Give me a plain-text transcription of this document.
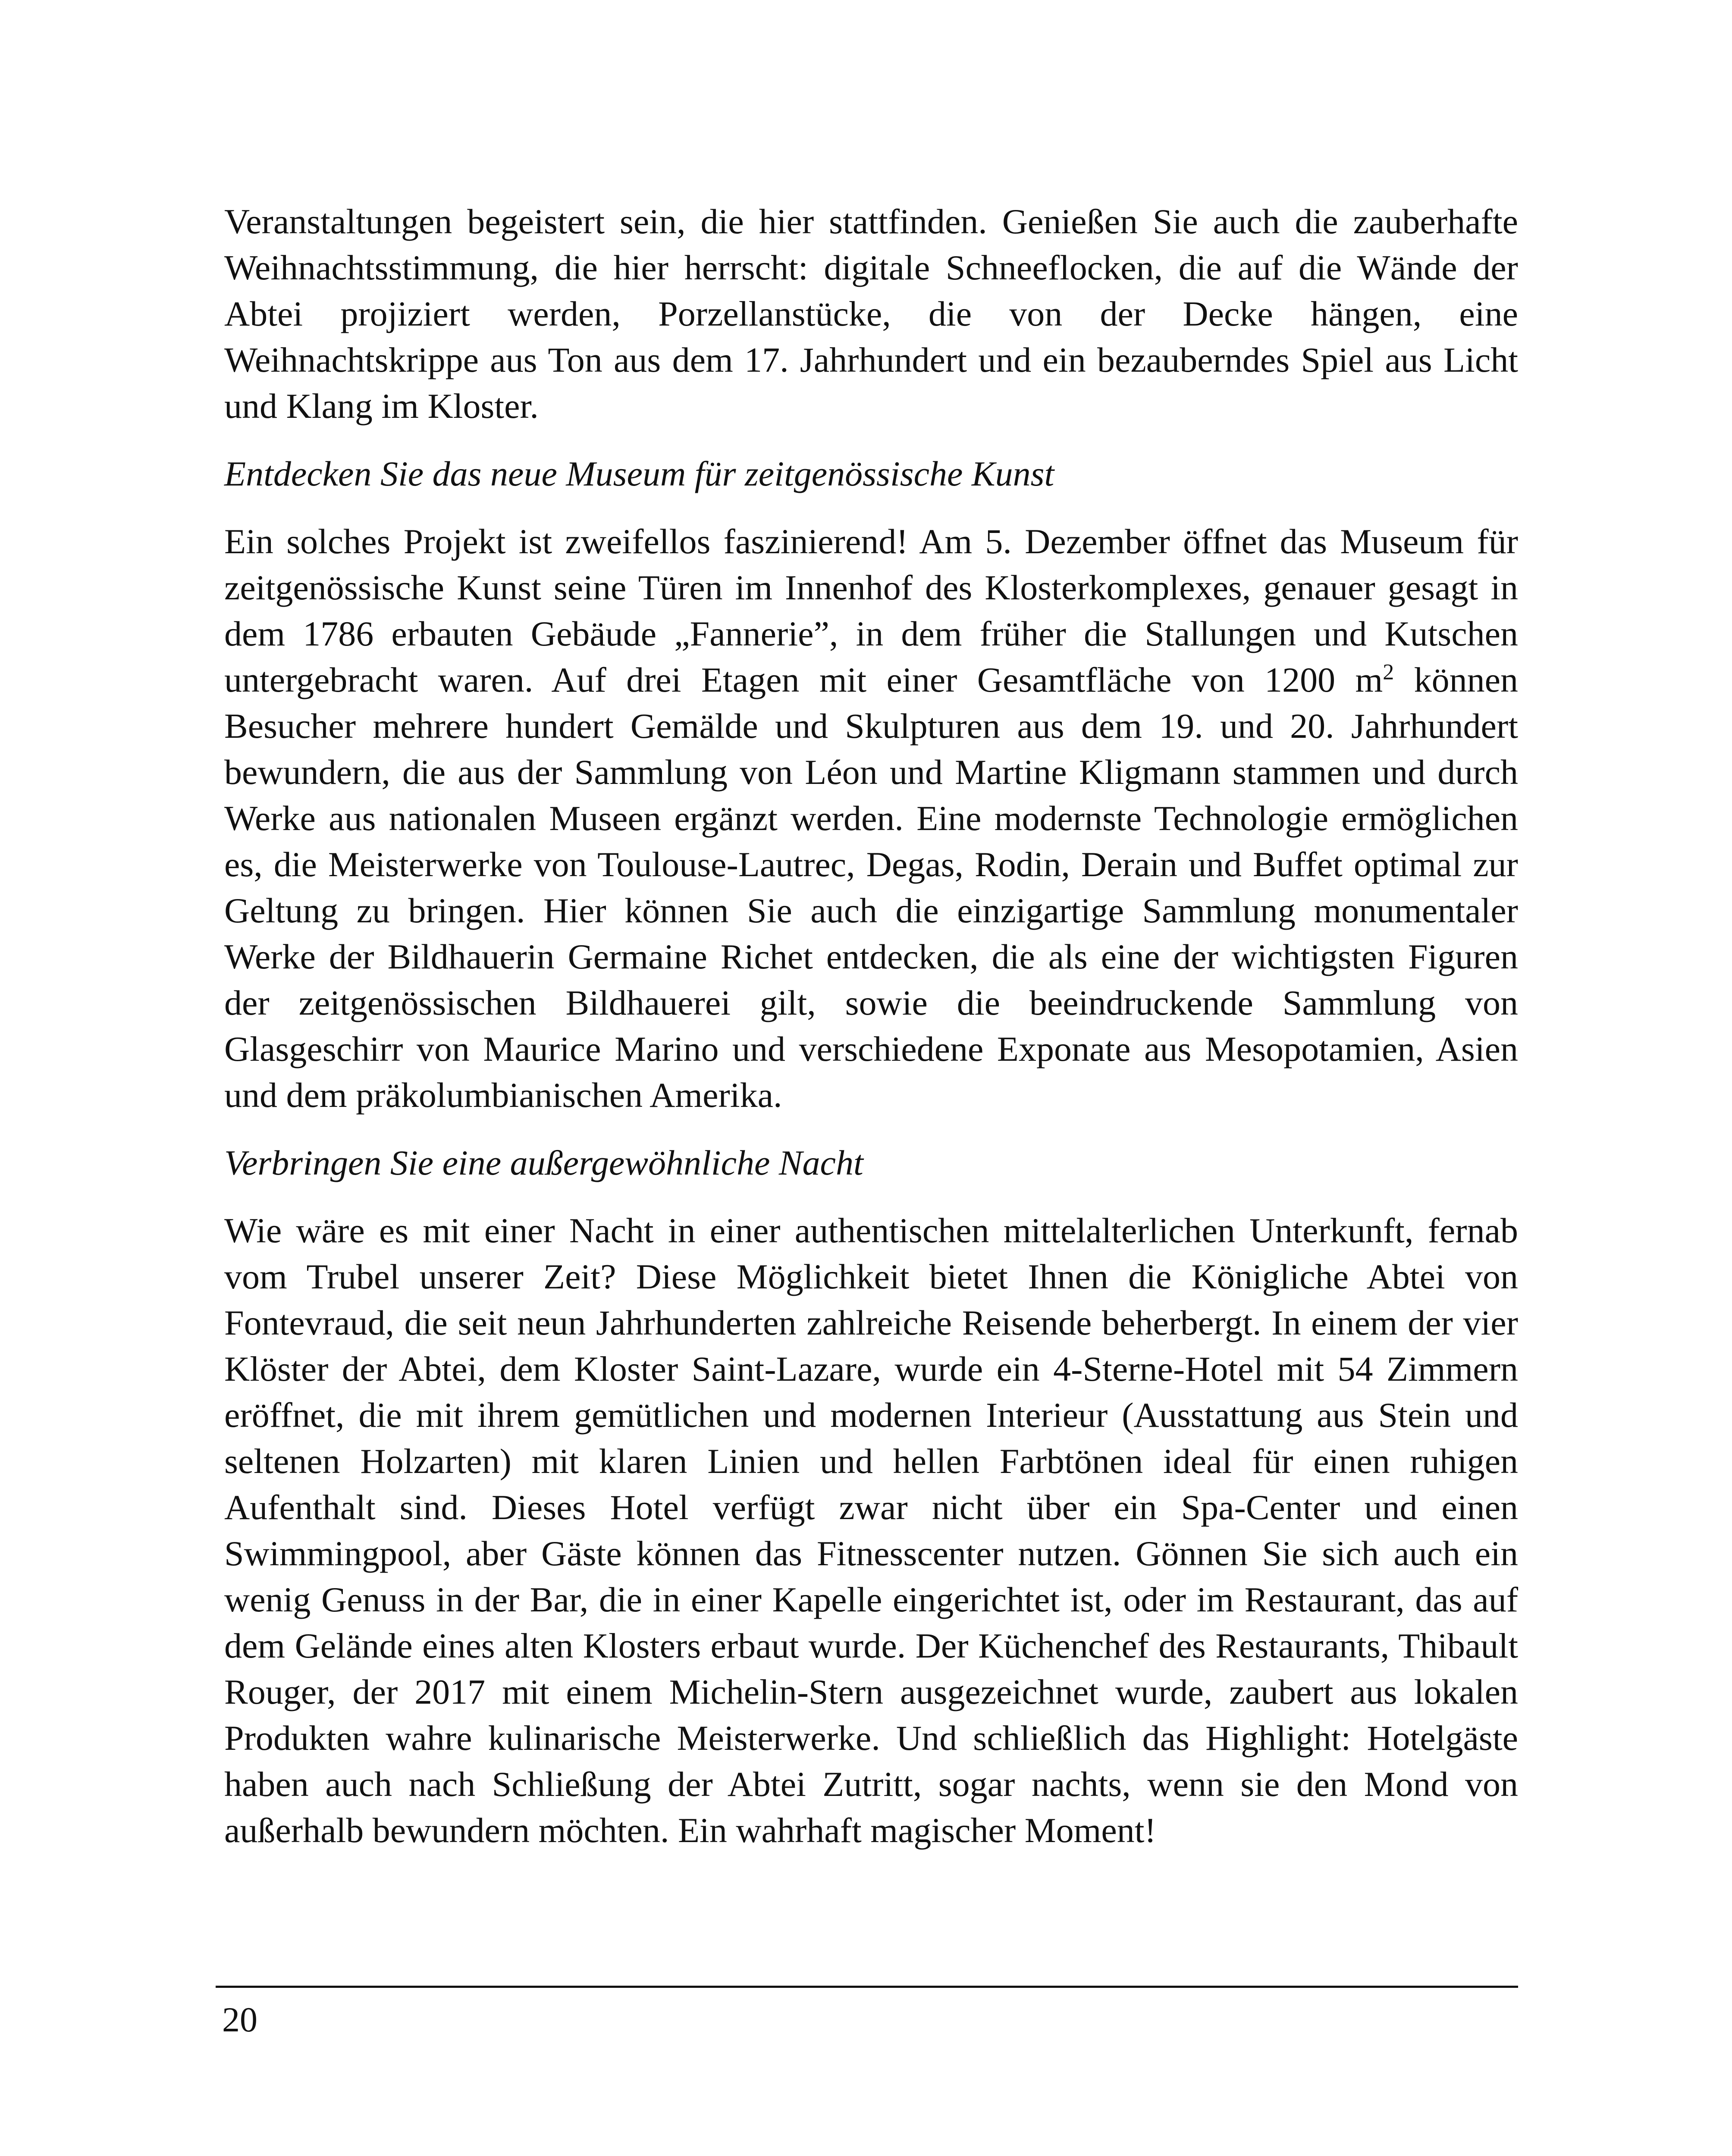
Veranstaltungen begeistert sein, die hier stattfinden. Genießen Sie auch die zauberhafte Weihnachtsstimmung, die hier herrscht: digitale Schneeflocken, die auf die Wände der Abtei projiziert werden, Porzellanstücke, die von der Decke hängen, eine Weihnachtskrippe aus Ton aus dem 17. Jahrhundert und ein bezauberndes Spiel aus Licht und Klang im Kloster.

Entdecken Sie das neue Museum für zeitgenössische Kunst

Ein solches Projekt ist zweifellos faszinierend! Am 5. Dezember öffnet das Museum für zeitgenössische Kunst seine Türen im Innenhof des Klosterkomplexes, genauer gesagt in dem 1786 erbauten Gebäude „Fannerie”, in dem früher die Stallungen und Kutschen untergebracht waren. Auf drei Etagen mit einer Gesamtfläche von 1200 $m^2$ können Besucher mehrere hundert Gemälde und Skulpturen aus dem 19. und 20. Jahrhundert bewundern, die aus der Sammlung von Léon und Martine Kligmann stammen und durch Werke aus nationalen Museen ergänzt werden. Eine modernste Technologie ermöglichen es, die Meisterwerke von Toulouse-Lautrec, Degas, Rodin, Derain und Buffet optimal zur Geltung zu bringen. Hier können Sie auch die einzigartige Sammlung monumentaler Werke der Bildhauerin Germaine Richet entdecken, die als eine der wichtigsten Figuren der zeitgenössischen Bildhauerei gilt, sowie die beeindruckende Sammlung von Glasgeschirr von Maurice Marino und verschiedene Exponate aus Mesopotamien, Asien und dem präkolumbianischen Amerika.

Verbringen Sie eine außergewöhnliche Nacht

Wie wäre es mit einer Nacht in einer authentischen mittelalterlichen Unterkunft, fernab vom Trubel unserer Zeit? Diese Möglichkeit bietet Ihnen die Königliche Abtei von Fontevraud, die seit neun Jahrhunderten zahlreiche Reisende beherbergt. In einem der vier Klöster der Abtei, dem Kloster Saint-Lazare, wurde ein 4-Sterne-Hotel mit 54 Zimmern eröffnet, die mit ihrem gemütlichen und modernen Interieur (Ausstattung aus Stein und seltenen Holzarten) mit klaren Linien und hellen Farbtönen ideal für einen ruhigen Aufenthalt sind. Dieses Hotel verfügt zwar nicht über ein Spa-Center und einen Swimmingpool, aber Gäste können das Fitnesscenter nutzen. Gönnen Sie sich auch ein wenig Genuss in der Bar, die in einer Kapelle eingerichtet ist, oder im Restaurant, das auf dem Gelände eines alten Klosters erbaut wurde. Der Küchenchef des Restaurants, Thibault Rouger, der 2017 mit einem Michelin-Stern ausgezeichnet wurde, zaubert aus lokalen Produkten wahre kulinarische Meisterwerke. Und schließlich das Highlight: Hotelgäste haben auch nach Schließung der Abtei Zutritt, sogar nachts, wenn sie den Mond von außerhalb bewundern möchten. Ein wahrhaft magischer Moment!

20
